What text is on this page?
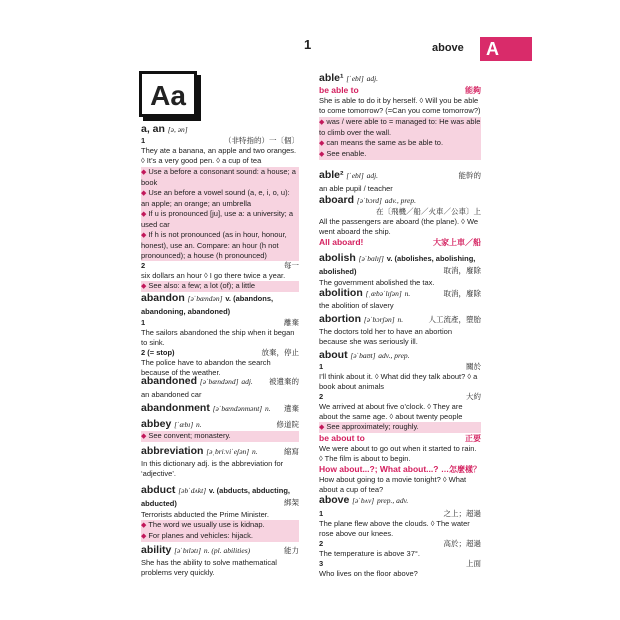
1	above	A
Aa
a, an [ə, ən]
1	（非特指的）一〔個〕
They ate a banana, an apple and two oranges. ◊ It’s a very good pen. ◊ a cup of tea
◆ Use a before a consonant sound: a house; a book
◆ Use an before a vowel sound (a, e, i, o, u): an apple; an orange; an umbrella
◆ If u is pronounced [ju], use a: a university; a used car
◆ If h is not pronounced (as in hour, honour, honest), use an. Compare: an hour (h not pronounced); a house (h pronounced)
2	每一
six dollars an hour ◊ I go there twice a year.
◆ See also: a few; a lot (of); a little
abandon [əˈbændən] v. (abandons, abandoning, abandoned)
1	離棄
The sailors abandoned the ship when it began to sink.
2 (= stop)	放棄，停止
The police have to abandon the search because of the weather.
abandoned [əˈbændənd] adj. 被遺棄的
an abandoned car
abandonment [əˈbændənmənt] n. 遺棄
abbey [ˈæbɪ] n.	修道院
◆ See convent; monastery.
abbreviation [əˌbriːviˈeʃən] n.	縮寫
In this dictionary adj. is the abbreviation for ‘adjective’.
abduct [əbˈdʌkt] v. (abducts, abducting, abducted)	綁架
Terrorists abducted the Prime Minister.
◆ The word we usually use is kidnap.
◆ For planes and vehicles: hijack.
ability [əˈbɪlətɪ] n. (pl. abilities)	能力
She has the ability to solve mathematical problems very quickly.
able¹ [ˈebl] adj.
be able to	能夠
She is able to do it by herself. ◊ Will you be able to come tomorrow? (=Can you come tomorrow?)
◆ was / were able to = managed to: He was able to climb over the wall.
◆ can means the same as be able to.
◆ See enable.
able² [ˈebl] adj.	能幹的
an able pupil / teacher
aboard [əˈbɔrd] adv., prep.
在〔飛機／船／火車／公車〕上
All the passengers are aboard (the plane). ◊ We went aboard the ship.
All aboard!	大家上車／船
abolish [əˈbɑlɪʃ] v. (abolishes, abolishing, abolished)	取消，廢除
The government abolished the tax.
abolition [ˌæbəˈlɪʃən] n.	取消，廢除
the abolition of slavery
abortion [əˈbɔrʃən] n.	人工流產，墮胎
The doctors told her to have an abortion because she was seriously ill.
about [əˈbaʊt] adv., prep.
1	關於
I’ll think about it. ◊ What did they talk about? ◊ a book about animals
2	大約
We arrived at about five o’clock. ◊ They are about the same age. ◊ about twenty people
◆ See approximately; roughly.
be about to	正要
We were about to go out when it started to rain. ◊ The film is about to begin.
How about...?; What about...? …怎麼樣？
How about going to a movie tonight? ◊ What about a cup of tea?
above [əˈbʌv] prep., adv.
1	之上；超過
The plane flew above the clouds. ◊ The water rose above our knees.
2	高於；超過
The temperature is above 37°.
3	上面
Who lives on the floor above?
